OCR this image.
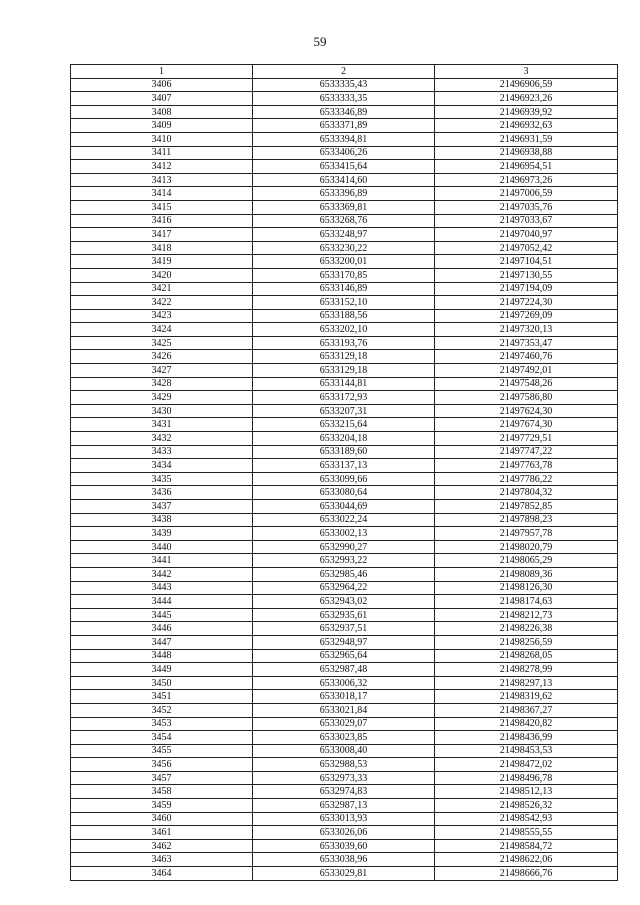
59
1	2	3
3406	6533335,43	21496906,59
3407	6533333,35	21496923,26
3408	6533346,89	21496939,92
3409	6533371,89	21496932,63
3410	6533394,81	21496931,59
3411	6533406,26	21496938,88
3412	6533415,64	21496954,51
3413	6533414,60	21496973,26
3414	6533396,89	21497006,59
3415	6533369,81	21497035,76
3416	6533268,76	21497033,67
3417	6533248,97	21497040,97
3418	6533230,22	21497052,42
3419	6533200,01	21497104,51
3420	6533170,85	21497130,55
3421	6533146,89	21497194,09
3422	6533152,10	21497224,30
3423	6533188,56	21497269,09
3424	6533202,10	21497320,13
3425	6533193,76	21497353,47
3426	6533129,18	21497460,76
3427	6533129,18	21497492,01
3428	6533144,81	21497548,26
3429	6533172,93	21497586,80
3430	6533207,31	21497624,30
3431	6533215,64	21497674,30
3432	6533204,18	21497729,51
3433	6533189,60	21497747,22
3434	6533137,13	21497763,78
3435	6533099,66	21497786,22
3436	6533080,64	21497804,32
3437	6533044,69	21497852,85
3438	6533022,24	21497898,23
3439	6533002,13	21497957,78
3440	6532990,27	21498020,79
3441	6532993,22	21498065,29
3442	6532985,46	21498089,36
3443	6532964,22	21498126,30
3444	6532943,02	21498174,63
3445	6532935,61	21498212,73
3446	6532937,51	21498226,38
3447	6532948,97	21498256,59
3448	6532965,64	21498268,05
3449	6532987,48	21498278,99
3450	6533006,32	21498297,13
3451	6533018,17	21498319,62
3452	6533021,84	21498367,27
3453	6533029,07	21498420,82
3454	6533023,85	21498436,99
3455	6533008,40	21498453,53
3456	6532988,53	21498472,02
3457	6532973,33	21498496,78
3458	6532974,83	21498512,13
3459	6532987,13	21498526,32
3460	6533013,93	21498542,93
3461	6533026,06	21498555,55
3462	6533039,60	21498584,72
3463	6533038,96	21498622,06
3464	6533029,81	21498666,76
